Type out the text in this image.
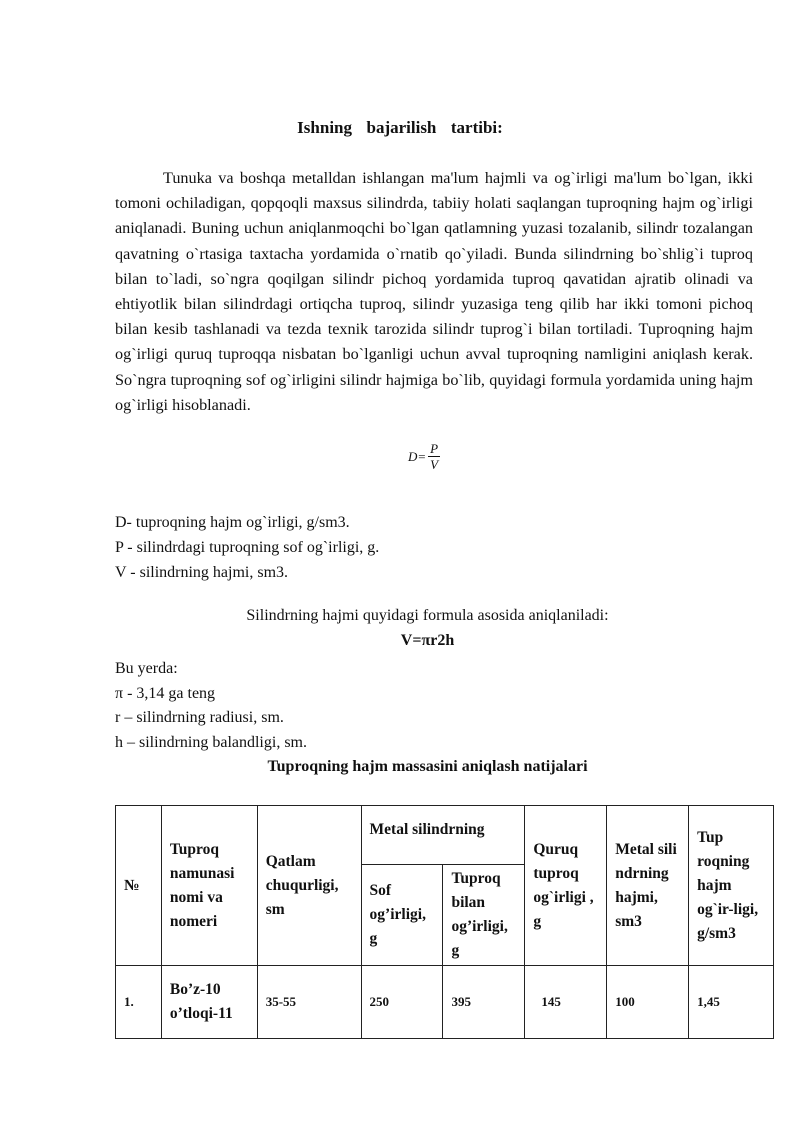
Ishning  bajarilish  tartibi:

Tunuka va boshqa metalldan ishlangan ma'lum hajmli va og`irligi ma'lum bo`lgan, ikki tomoni ochiladigan, qopqoqli maxsus silindrda, tabiiy holati saqlangan tuproqning hajm og`irligi aniqlanadi. Buning uchun aniqlanmoqchi bo`lgan qatlamning yuzasi tozalanib, silindr tozalangan qavatning o`rtasiga taxtacha yordamida o`rnatib qo`yiladi. Bunda silindrning bo`shlig`i tuproq bilan to`ladi, so`ngra qoqilgan silindr pichoq yordamida tuproq qavatidan ajratib olinadi va ehtiyotlik bilan silindrdagi ortiqcha tuproq, silindr yuzasiga teng qilib har ikki tomoni pichoq bilan kesib tashlanadi va tezda texnik tarozida silindr tuprog`i bilan tortiladi. Tuproqning hajm og`irligi quruq tuproqqa nisbatan bo`lganligi uchun avval tuproqning namligini aniqlash kerak. So`ngra tuproqning sof og`irligini silindr hajmiga bo`lib, quyidagi formula yordamida uning hajm og`irligi hisoblanadi.

$D= \frac{P}{V}$
D- tuproqning hajm og`irligi, g/sm3.
P - silindrdagi tuproqning sof og`irligi, g.
V - silindrning hajmi, sm3.
Silindrning hajmi quyidagi formula asosida aniqlaniladi:
V=πr2h
Bu yerda:
π - 3,14 ga teng
r – silindrning radiusi, sm.
h – silindrning balandligi, sm.
Tuproqning hajm massasini aniqlash natijalari
№	Tuproq namunasi nomi va nomeri	Qatlam chuqurligi, sm	Metal silindrning		Quruq tuproq og`irligi , g	Metal sili ndrning hajmi, sm3	Tup roqning hajm og`ir-ligi, g/sm3
			Sof og’irligi, g	Tuproq bilan og’irligi, g			
1.	Bo’z-10 o’tloqi-11	35-55	250	395	145	100	1,45
